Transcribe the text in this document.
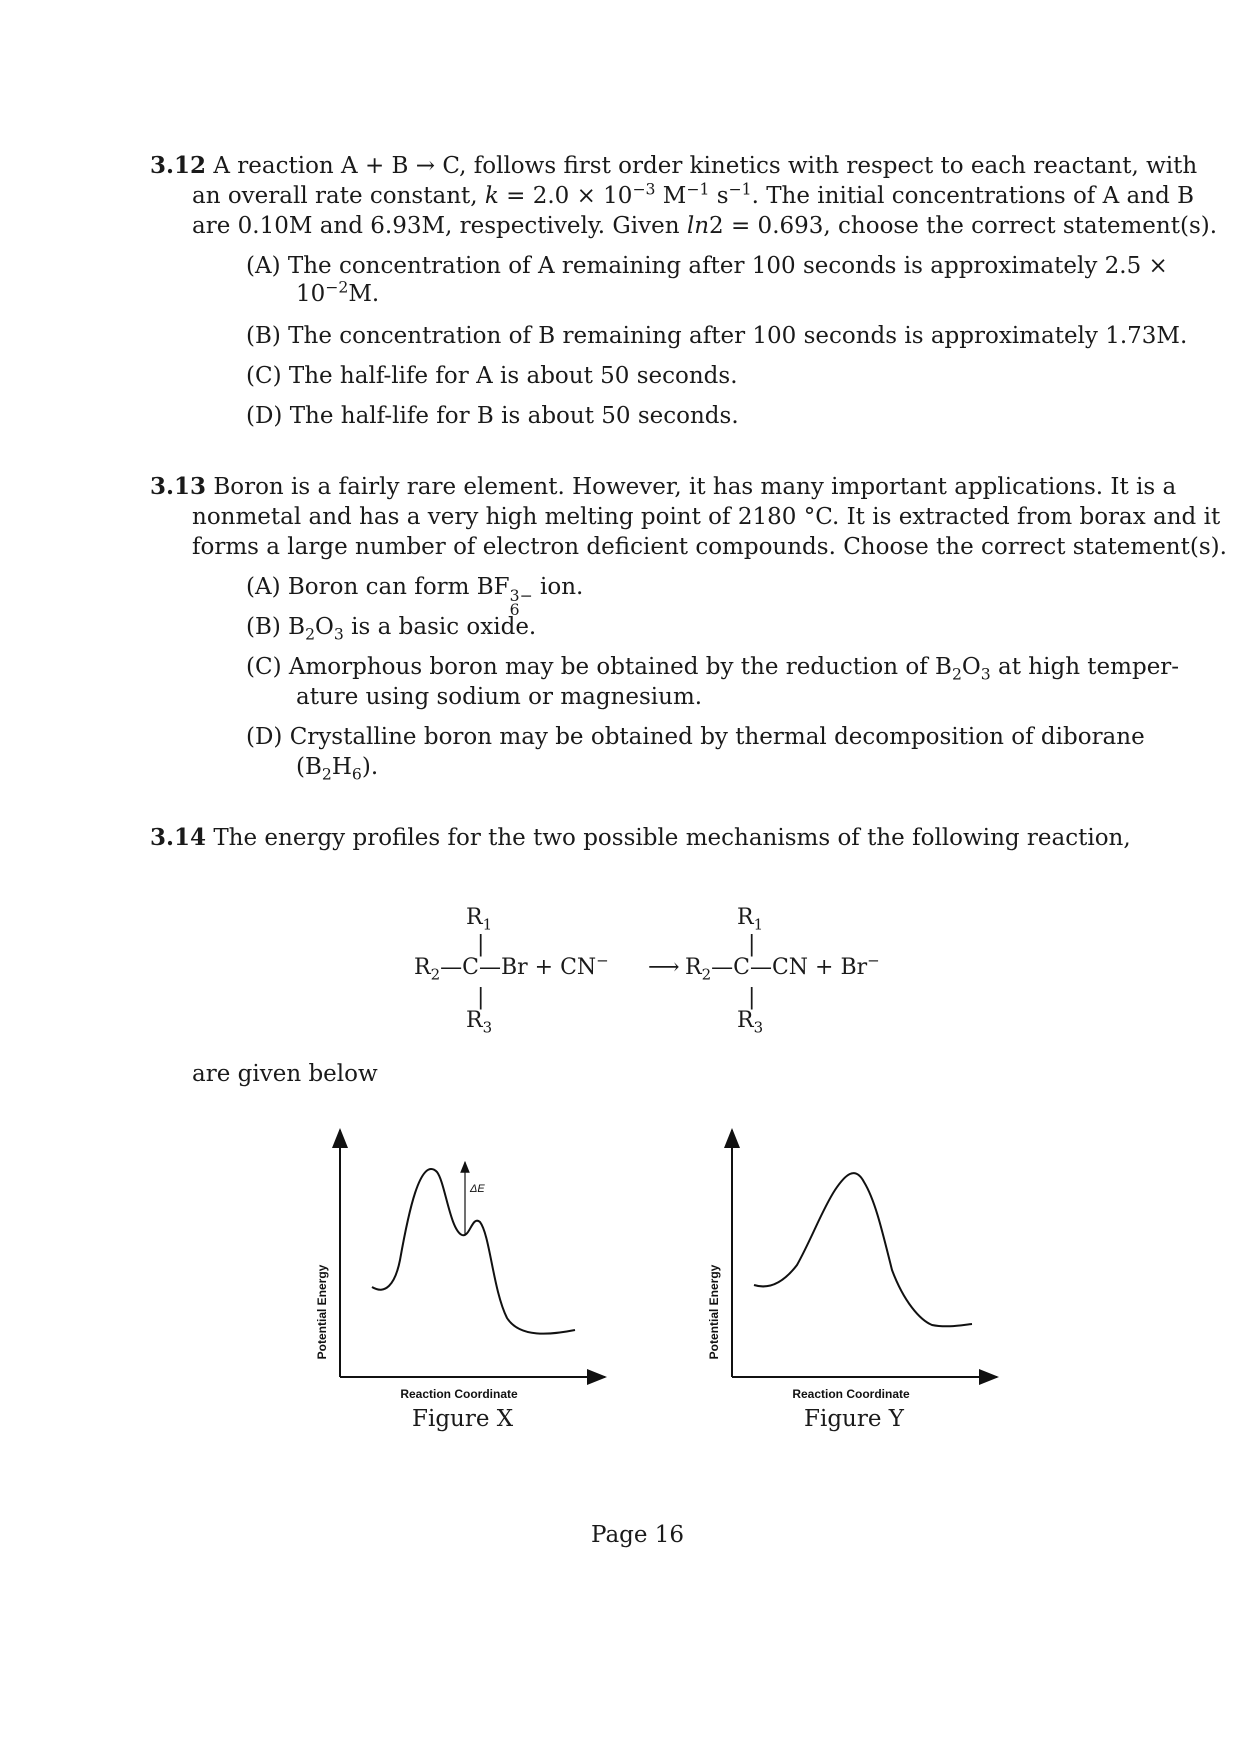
3.12 A reaction A + B → C, follows first order kinetics with respect to each reactant, with
an overall rate constant, $k = 2.0 \times 10^{-3}$ $M^{-1}$ $s^{-1}$. The initial concentrations of A and B
are 0.10M and 6.93M, respectively. Given ln2 = 0.693, choose the correct statement(s).
(A) The concentration of A remaining after 100 seconds is approximately 2.5 ×
$10^{-2}M$.
(B) The concentration of B remaining after 100 seconds is approximately 1.73M.
(C) The half-life for A is about 50 seconds.
(D) The half-life for B is about 50 seconds.
3.13 Boron is a fairly rare element. However, it has many important applications. It is a
nonmetal and has a very high melting point of 2180 °C. It is extracted from borax and it
forms a large number of electron deficient compounds. Choose the correct statement(s).
(A) Boron can form BF 3−
6
ion.
(B) $B_2O_3$ is a basic oxide.
(C) Amorphous boron may be obtained by the reduction of $B_2O_3$ at high temper-
ature using sodium or magnesium.
(D) Crystalline boron may be obtained by thermal decomposition of diborane
$(B_2H_6)$.
3.14 The energy profiles for the two possible mechanisms of the following reaction,
$R_1$
|
$R_2—C—Br + CN^-$
|
$R_3$
⟶
$R_1$
|
$R_2—C—CN + Br^-$
|
$R_3$
are given below
ΔE
Potential Energy
Reaction Coordinate
Figure X
Potential Energy
Reaction Coordinate
Figure Y
Page 16
